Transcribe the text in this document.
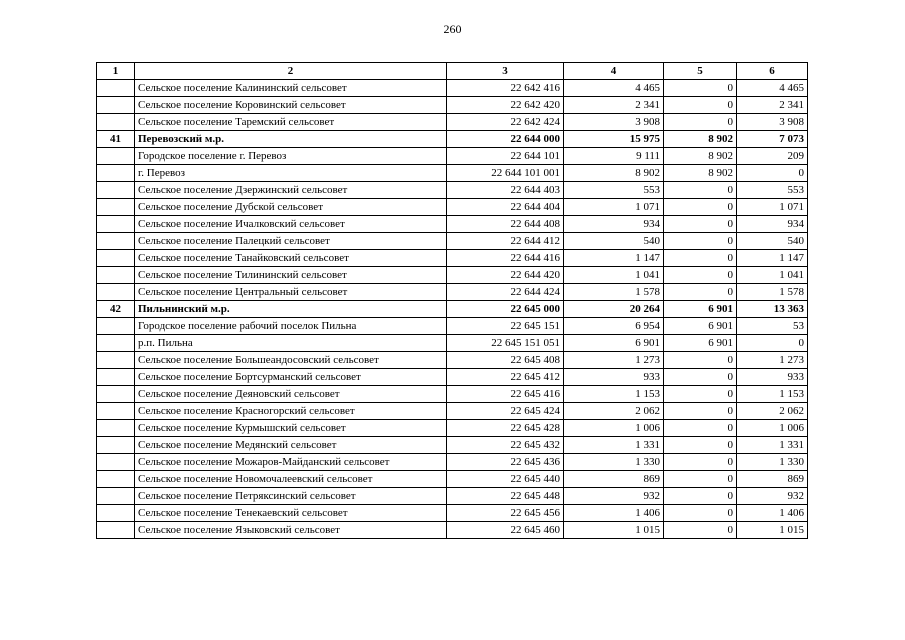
260
1	2	3	4	5	6
	Сельское поселение Калининский сельсовет	22 642 416	4 465	0	4 465
	Сельское поселение Коровинский сельсовет	22 642 420	2 341	0	2 341
	Сельское поселение Таремский сельсовет	22 642 424	3 908	0	3 908
41	Перевозский м.р.	22 644 000	15 975	8 902	7 073
	Городское поселение г. Перевоз	22 644 101	9 111	8 902	209
	г. Перевоз	22 644 101 001	8 902	8 902	0
	Сельское поселение Дзержинский сельсовет	22 644 403	553	0	553
	Сельское поселение Дубской сельсовет	22 644 404	1 071	0	1 071
	Сельское поселение Ичалковский сельсовет	22 644 408	934	0	934
	Сельское поселение Палецкий сельсовет	22 644 412	540	0	540
	Сельское поселение Танайковский сельсовет	22 644 416	1 147	0	1 147
	Сельское поселение Тилининский сельсовет	22 644 420	1 041	0	1 041
	Сельское поселение Центральный сельсовет	22 644 424	1 578	0	1 578
42	Пильнинский м.р.	22 645 000	20 264	6 901	13 363
	Городское поселение рабочий поселок Пильна	22 645 151	6 954	6 901	53
	р.п. Пильна	22 645 151 051	6 901	6 901	0
	Сельское поселение Большеандосовский сельсовет	22 645 408	1 273	0	1 273
	Сельское поселение Бортсурманский сельсовет	22 645 412	933	0	933
	Сельское поселение Деяновский сельсовет	22 645 416	1 153	0	1 153
	Сельское поселение Красногорский сельсовет	22 645 424	2 062	0	2 062
	Сельское поселение Курмышский сельсовет	22 645 428	1 006	0	1 006
	Сельское поселение Медянский сельсовет	22 645 432	1 331	0	1 331
	Сельское поселение Можаров-Майданский сельсовет	22 645 436	1 330	0	1 330
	Сельское поселение Новомочалеевский сельсовет	22 645 440	869	0	869
	Сельское поселение Петряксинский сельсовет	22 645 448	932	0	932
	Сельское поселение Тенекаевский сельсовет	22 645 456	1 406	0	1 406
	Сельское поселение Языковский сельсовет	22 645 460	1 015	0	1 015
